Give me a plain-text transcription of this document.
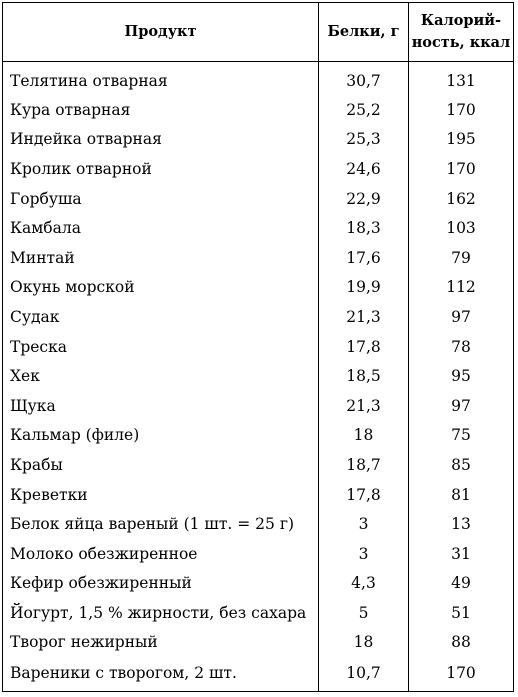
Продукт	Белки, г	Калорий-
ность, ккал

Телятина отварная	30,7	131
Кура отварная	25,2	170
Индейка отварная	25,3	195
Кролик отварной	24,6	170
Горбуша	22,9	162
Камбала	18,3	103
Минтай	17,6	79
Окунь морской	19,9	112
Судак	21,3	97
Треска	17,8	78
Хек	18,5	95
Щука	21,3	97
Кальмар (филе)	18	75
Крабы	18,7	85
Креветки	17,8	81
Белок яйца вареный (1 шт. = 25 г)	3	13
Молоко обезжиренное	3	31
Кефир обезжиренный	4,3	49
Йогурт, 1,5 % жирности, без сахара	5	51
Творог нежирный	18	88
Вареники с творогом, 2 шт.	10,7	170
